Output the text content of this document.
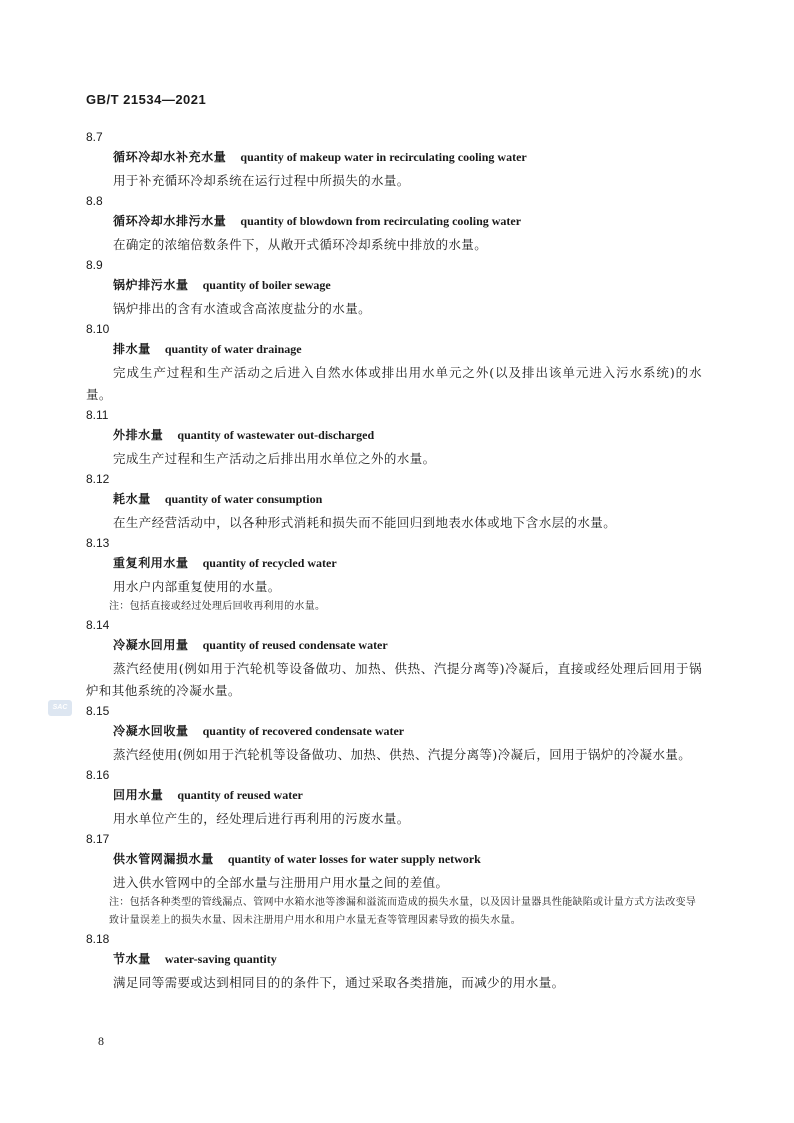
GB/T 21534—2021
SAC
8.7
循环冷却水补充水量 quantity of makeup water in recirculating cooling water

用于补充循环冷却系统在运行过程中所损失的水量。

8.8
循环冷却水排污水量 quantity of blowdown from recirculating cooling water

在确定的浓缩倍数条件下，从敞开式循环冷却系统中排放的水量。

8.9
锅炉排污水量 quantity of boiler sewage

锅炉排出的含有水渣或含高浓度盐分的水量。

8.10
排水量 quantity of water drainage

完成生产过程和生产活动之后进入自然水体或排出用水单元之外(以及排出该单元进入污水系统)的水量。

8.11
外排水量 quantity of wastewater out-discharged

完成生产过程和生产活动之后排出用水单位之外的水量。

8.12
耗水量 quantity of water consumption

在生产经营活动中，以各种形式消耗和损失而不能回归到地表水体或地下含水层的水量。

8.13
重复利用水量 quantity of recycled water

用水户内部重复使用的水量。

注：包括直接或经过处理后回收再利用的水量。

8.14
冷凝水回用量 quantity of reused condensate water

蒸汽经使用(例如用于汽轮机等设备做功、加热、供热、汽提分离等)冷凝后，直接或经处理后回用于锅炉和其他系统的冷凝水量。

8.15
冷凝水回收量 quantity of recovered condensate water

蒸汽经使用(例如用于汽轮机等设备做功、加热、供热、汽提分离等)冷凝后，回用于锅炉的冷凝水量。

8.16
回用水量 quantity of reused water

用水单位产生的，经处理后进行再利用的污废水量。

8.17
供水管网漏损水量 quantity of water losses for water supply network

进入供水管网中的全部水量与注册用户用水量之间的差值。

注：包括各种类型的管线漏点、管网中水箱水池等渗漏和溢流而造成的损失水量，以及因计量器具性能缺陷或计量方式方法改变导致计量误差上的损失水量、因未注册用户用水和用户水量无查等管理因素导致的损失水量。

8.18
节水量 water-saving quantity

满足同等需要或达到相同目的的条件下，通过采取各类措施，而减少的用水量。

8
